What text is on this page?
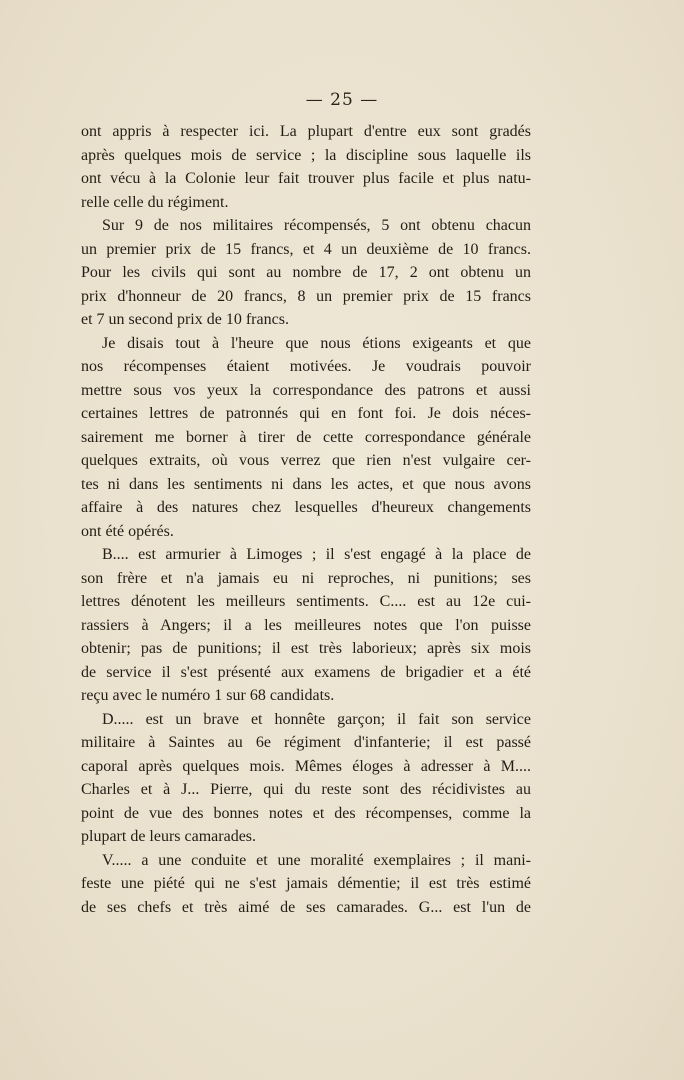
— 25 —
ont appris à respecter ici. La plupart d'entre eux sont gradés
après quelques mois de service ; la discipline sous laquelle ils
ont vécu à la Colonie leur fait trouver plus facile et plus natu-
relle celle du régiment.
Sur 9 de nos militaires récompensés, 5 ont obtenu chacun
un premier prix de 15 francs, et 4 un deuxième de 10 francs.
Pour les civils qui sont au nombre de 17, 2 ont obtenu un
prix d'honneur de 20 francs, 8 un premier prix de 15 francs
et 7 un second prix de 10 francs.
Je disais tout à l'heure que nous étions exigeants et que
nos récompenses étaient motivées. Je voudrais pouvoir
mettre sous vos yeux la correspondance des patrons et aussi
certaines lettres de patronnés qui en font foi. Je dois néces-
sairement me borner à tirer de cette correspondance générale
quelques extraits, où vous verrez que rien n'est vulgaire cer-
tes ni dans les sentiments ni dans les actes, et que nous avons
affaire à des natures chez lesquelles d'heureux changements
ont été opérés.
B.... est armurier à Limoges ; il s'est engagé à la place de
son frère et n'a jamais eu ni reproches, ni punitions; ses
lettres dénotent les meilleurs sentiments. C.... est au 12e cui-
rassiers à Angers; il a les meilleures notes que l'on puisse
obtenir; pas de punitions; il est très laborieux; après six mois
de service il s'est présenté aux examens de brigadier et a été
reçu avec le numéro 1 sur 68 candidats.
D..... est un brave et honnête garçon; il fait son service
militaire à Saintes au 6e régiment d'infanterie; il est passé
caporal après quelques mois. Mêmes éloges à adresser à M....
Charles et à J... Pierre, qui du reste sont des récidivistes au
point de vue des bonnes notes et des récompenses, comme la
plupart de leurs camarades.
V..... a une conduite et une moralité exemplaires ; il mani-
feste une piété qui ne s'est jamais démentie; il est très estimé
de ses chefs et très aimé de ses camarades. G... est l'un de
